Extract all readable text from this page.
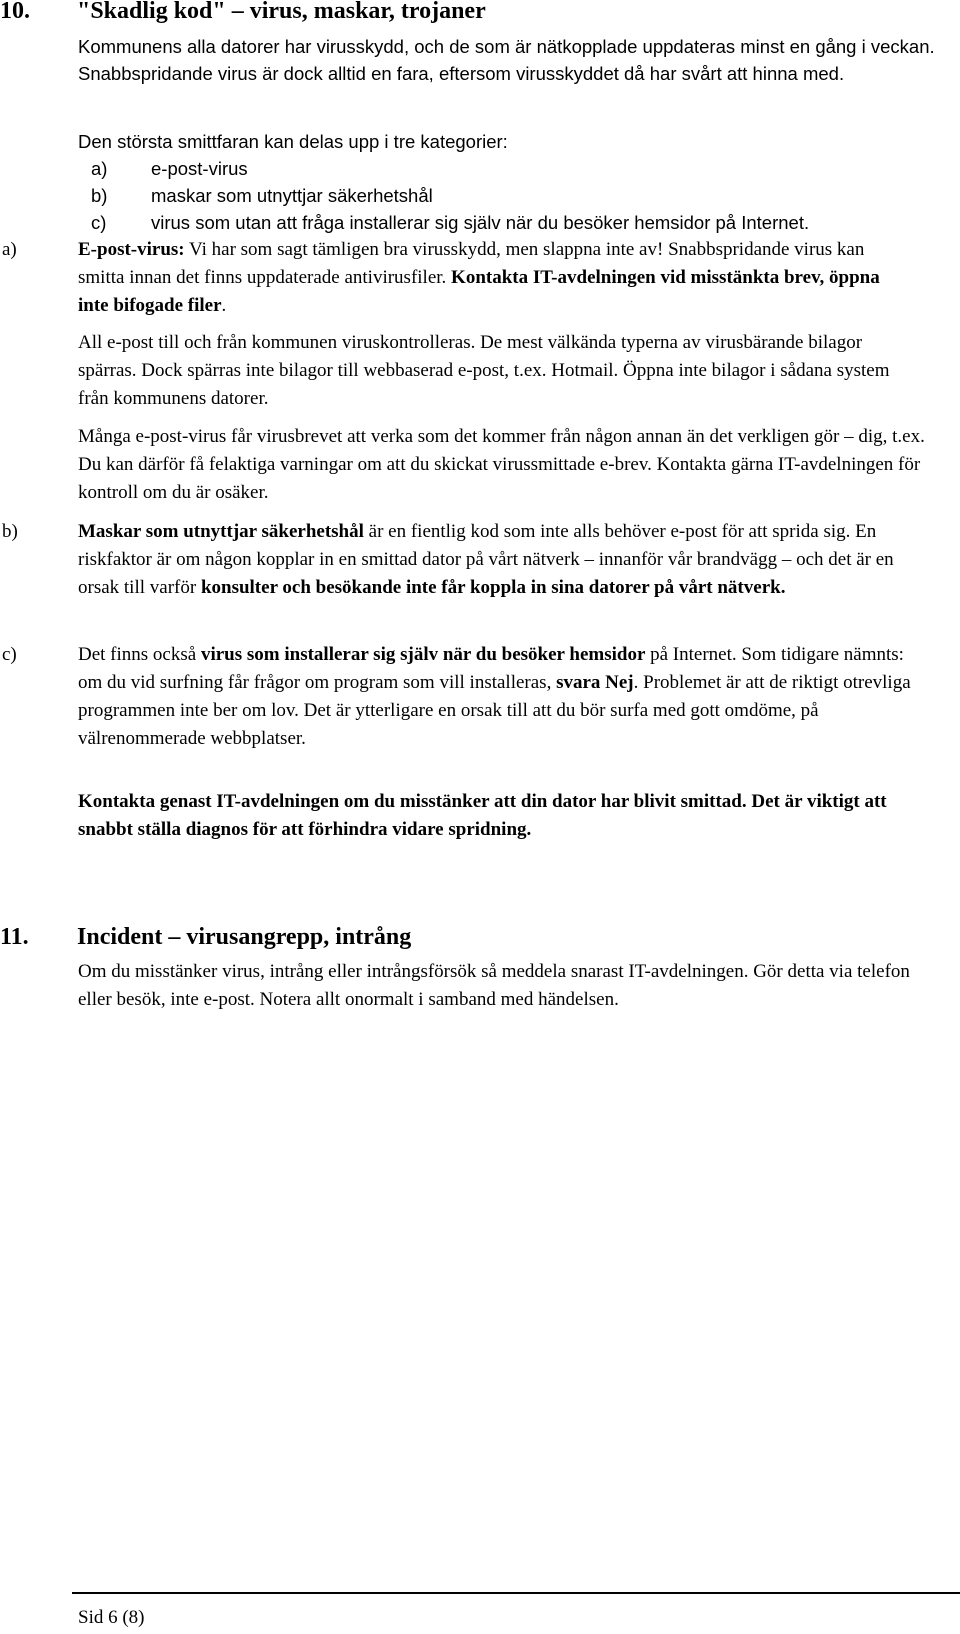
10. "Skadlig kod" – virus, maskar, trojaner
Kommunens alla datorer har virusskydd, och de som är nätkopplade uppdateras minst en gång i veckan. Snabbspridande virus är dock alltid en fara, eftersom virusskyddet då har svårt att hinna med.
Den största smittfaran kan delas upp i tre kategorier:
a) e-post-virus
b) maskar som utnyttjar säkerhetshål
c) virus som utan att fråga installerar sig själv när du besöker hemsidor på Internet.
a)	E-post-virus: Vi har som sagt tämligen bra virusskydd, men slappna inte av! Snabbspridande virus kan smitta innan det finns uppdaterade antivirusfiler. Kontakta IT-avdelningen vid misstänkta brev, öppna inte bifogade filer.
All e-post till och från kommunen viruskontrolleras. De mest välkända typerna av virusbärande bilagor spärras. Dock spärras inte bilagor till webbaserad e-post, t.ex. Hotmail. Öppna inte bilagor i sådana system från kommunens datorer.
Många e-post-virus får virusbrevet att verka som det kommer från någon annan än det verkligen gör – dig, t.ex. Du kan därför få felaktiga varningar om att du skickat virussmittade e-brev. Kontakta gärna IT-avdelningen för kontroll om du är osäker.
b)	Maskar som utnyttjar säkerhetshål är en fientlig kod som inte alls behöver e-post för att sprida sig. En riskfaktor är om någon kopplar in en smittad dator på vårt nätverk – innanför vår brandvägg – och det är en orsak till varför konsulter och besökande inte får koppla in sina datorer på vårt nätverk.
c)	Det finns också virus som installerar sig själv när du besöker hemsidor på Internet. Som tidigare nämnts: om du vid surfning får frågor om program som vill installeras, svara Nej. Problemet är att de riktigt otrevliga programmen inte ber om lov. Det är ytterligare en orsak till att du bör surfa med gott omdöme, på välrenommerade webbplatser.
Kontakta genast IT-avdelningen om du misstänker att din dator har blivit smittad. Det är viktigt att snabbt ställa diagnos för att förhindra vidare spridning.
11. Incident – virusangrepp, intrång
Om du misstänker virus, intrång eller intrångsförsök så meddela snarast IT-avdelningen. Gör detta via telefon eller besök, inte e-post. Notera allt onormalt i samband med händelsen.
Sid 6 (8)
